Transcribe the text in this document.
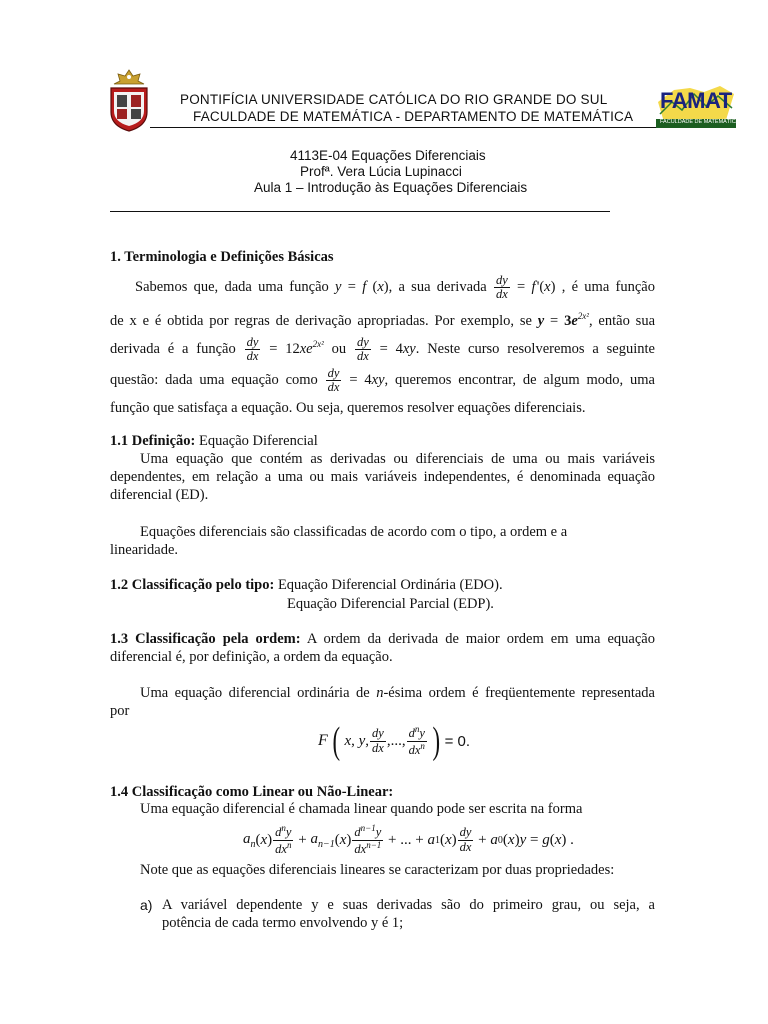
PONTIFÍCIA UNIVERSIDADE CATÓLICA DO RIO GRANDE DO SUL
FACULDADE DE MATEMÁTICA - DEPARTAMENTO DE MATEMÁTICA
FAMAT
FACULDADE DE MATEMÁTICA
4113E-04 Equações Diferenciais
Profª. Vera Lúcia Lupinacci
Aula 1 – Introdução às Equações Diferenciais
1. Terminologia e Definições Básicas
Sabemos que, dada uma função y = f (x), a sua derivada $\frac{dy}{dx} = f$ '(x) , é uma função
de x e é obtida por regras de derivação apropriadas. Por exemplo, se $y = 3e^{2x^2}$, então sua
derivada é a função $\frac{dy}{dx} = 12xe^{2x^2}$ ou $\frac{dy}{dx} = 4xy$. Neste curso resolveremos a seguinte
questão: dada uma equação como $\frac{dy}{dx} = 4xy$, queremos encontrar, de algum modo, uma
função que satisfaça a equação. Ou seja, queremos resolver equações diferenciais.
1.1 Definição: Equação Diferencial
Uma equação que contém as derivadas ou diferenciais de uma ou mais variáveis
dependentes, em relação a uma ou mais variáveis independentes, é denominada equação
diferencial (ED).
Equações diferenciais são classificadas de acordo com o tipo, a ordem e a
linearidade.
1.2 Classificação pelo tipo: Equação Diferencial Ordinária (EDO).
Equação Diferencial Parcial (EDP).
1.3 Classificação pela ordem: A ordem da derivada de maior ordem em uma equação
diferencial é, por definição, a ordem da equação.
Uma equação diferencial ordinária de n-ésima ordem é freqüentemente representada
por
F ( x , y , $\frac{dy}{dx}$ ,..., $\frac{d^ny}{dx^n}$ ) = 0.
1.4 Classificação como Linear ou Não-Linear:
Uma equação diferencial é chamada linear quando pode ser escrita na forma
$a_n$ ( x ) $\frac{d^ny}{dx^n} + a_{n-1}$ ( x ) $\frac{d^{n-1}y}{dx^{n-1}}$ + ... + a 1 ( x ) $\frac{dy}{dx} + a$ 0 ( x ) y = g ( x ) .
Note que as equações diferenciais lineares se caracterizam por duas propriedades:
a) A variável dependente y e suas derivadas são do primeiro grau, ou seja, a
potência de cada termo envolvendo y é 1;
